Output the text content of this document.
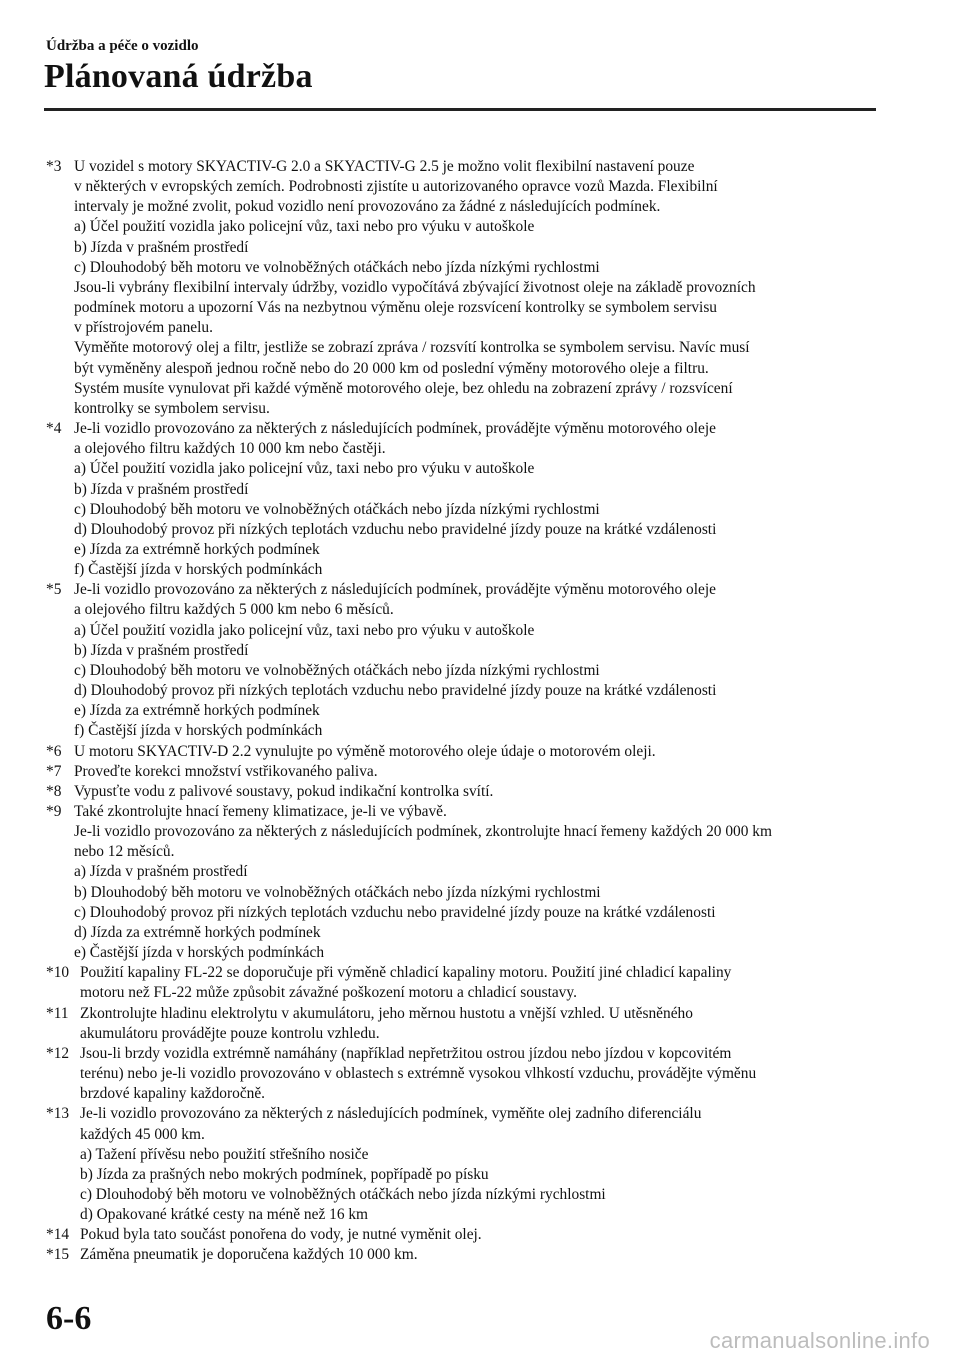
Údržba a péče o vozidlo
Plánovaná údržba
*3 U vozidel s motory SKYACTIV-G 2.0 a SKYACTIV-G 2.5 je možno volit flexibilní nastavení pouze
v některých v evropských zemích. Podrobnosti zjistíte u autorizovaného opravce vozů Mazda. Flexibilní
intervaly je možné zvolit, pokud vozidlo není provozováno za žádné z následujících podmínek.
a) Účel použití vozidla jako policejní vůz, taxi nebo pro výuku v autoškole
b) Jízda v prašném prostředí
c) Dlouhodobý běh motoru ve volnoběžných otáčkách nebo jízda nízkými rychlostmi
Jsou-li vybrány flexibilní intervaly údržby, vozidlo vypočítává zbývající životnost oleje na základě provozních
podmínek motoru a upozorní Vás na nezbytnou výměnu oleje rozsvícení kontrolky se symbolem servisu
v přístrojovém panelu.
Vyměňte motorový olej a filtr, jestliže se zobrazí zpráva / rozsvítí kontrolka se symbolem servisu. Navíc musí
být vyměněny alespoň jednou ročně nebo do 20 000 km od poslední výměny motorového oleje a filtru.
Systém musíte vynulovat při každé výměně motorového oleje, bez ohledu na zobrazení zprávy / rozsvícení
kontrolky se symbolem servisu.
*4 Je-li vozidlo provozováno za některých z následujících podmínek, provádějte výměnu motorového oleje
a olejového filtru každých 10 000 km nebo častěji.
a) Účel použití vozidla jako policejní vůz, taxi nebo pro výuku v autoškole
b) Jízda v prašném prostředí
c) Dlouhodobý běh motoru ve volnoběžných otáčkách nebo jízda nízkými rychlostmi
d) Dlouhodobý provoz při nízkých teplotách vzduchu nebo pravidelné jízdy pouze na krátké vzdálenosti
e) Jízda za extrémně horkých podmínek
f) Častější jízda v horských podmínkách
*5 Je-li vozidlo provozováno za některých z následujících podmínek, provádějte výměnu motorového oleje
a olejového filtru každých 5 000 km nebo 6 měsíců.
a) Účel použití vozidla jako policejní vůz, taxi nebo pro výuku v autoškole
b) Jízda v prašném prostředí
c) Dlouhodobý běh motoru ve volnoběžných otáčkách nebo jízda nízkými rychlostmi
d) Dlouhodobý provoz při nízkých teplotách vzduchu nebo pravidelné jízdy pouze na krátké vzdálenosti
e) Jízda za extrémně horkých podmínek
f) Častější jízda v horských podmínkách
*6 U motoru SKYACTIV-D 2.2 vynulujte po výměně motorového oleje údaje o motorovém oleji.
*7 Proveďte korekci množství vstřikovaného paliva.
*8 Vypusťte vodu z palivové soustavy, pokud indikační kontrolka svítí.
*9 Také zkontrolujte hnací řemeny klimatizace, je-li ve výbavě.
Je-li vozidlo provozováno za některých z následujících podmínek, zkontrolujte hnací řemeny každých 20 000 km
nebo 12 měsíců.
a) Jízda v prašném prostředí
b) Dlouhodobý běh motoru ve volnoběžných otáčkách nebo jízda nízkými rychlostmi
c) Dlouhodobý provoz při nízkých teplotách vzduchu nebo pravidelné jízdy pouze na krátké vzdálenosti
d) Jízda za extrémně horkých podmínek
e) Častější jízda v horských podmínkách
*10 Použití kapaliny FL-22 se doporučuje při výměně chladicí kapaliny motoru. Použití jiné chladicí kapaliny
motoru než FL-22 může způsobit závažné poškození motoru a chladicí soustavy.
*11 Zkontrolujte hladinu elektrolytu v akumulátoru, jeho měrnou hustotu a vnější vzhled. U utěsněného
akumulátoru provádějte pouze kontrolu vzhledu.
*12 Jsou-li brzdy vozidla extrémně namáhány (například nepřetržitou ostrou jízdou nebo jízdou v kopcovitém
terénu) nebo je-li vozidlo provozováno v oblastech s extrémně vysokou vlhkostí vzduchu, provádějte výměnu
brzdové kapaliny každoročně.
*13 Je-li vozidlo provozováno za některých z následujících podmínek, vyměňte olej zadního diferenciálu
každých 45 000 km.
a) Tažení přívěsu nebo použití střešního nosiče
b) Jízda za prašných nebo mokrých podmínek, popřípadě po písku
c) Dlouhodobý běh motoru ve volnoběžných otáčkách nebo jízda nízkými rychlostmi
d) Opakované krátké cesty na méně než 16 km
*14 Pokud byla tato součást ponořena do vody, je nutné vyměnit olej.
*15 Záměna pneumatik je doporučena každých 10 000 km.
6-6
carmanualsonline.info
